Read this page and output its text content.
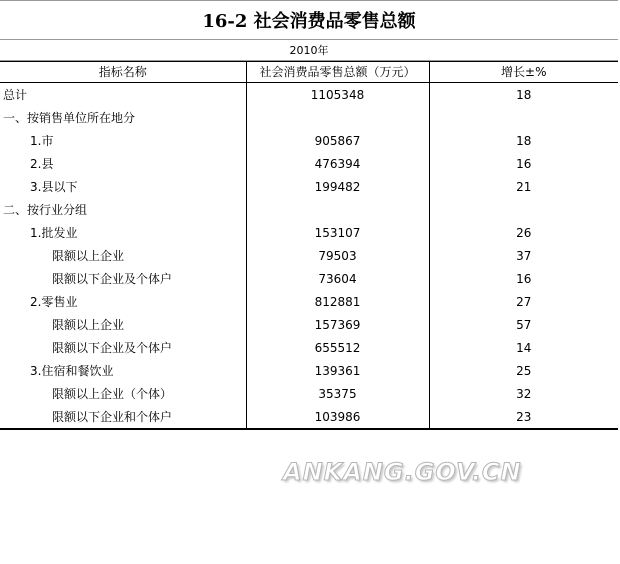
16-2 社会消费品零售总额
2010年
指标名称	社会消费品零售总额（万元）	增长±%
总计	1105348	18
一、按销售单位所在地分		
1.市	905867	18
2.县	476394	16
3.县以下	199482	21
二、按行业分组		
1.批发业	153107	26
限额以上企业	79503	37
限额以下企业及个体户	73604	16
2.零售业	812881	27
限额以上企业	157369	57
限额以下企业及个体户	655512	14
3.住宿和餐饮业	139361	25
限额以上企业（个体）	35375	32
限额以下企业和个体户	103986	23
ANKANG.GOV.CN
